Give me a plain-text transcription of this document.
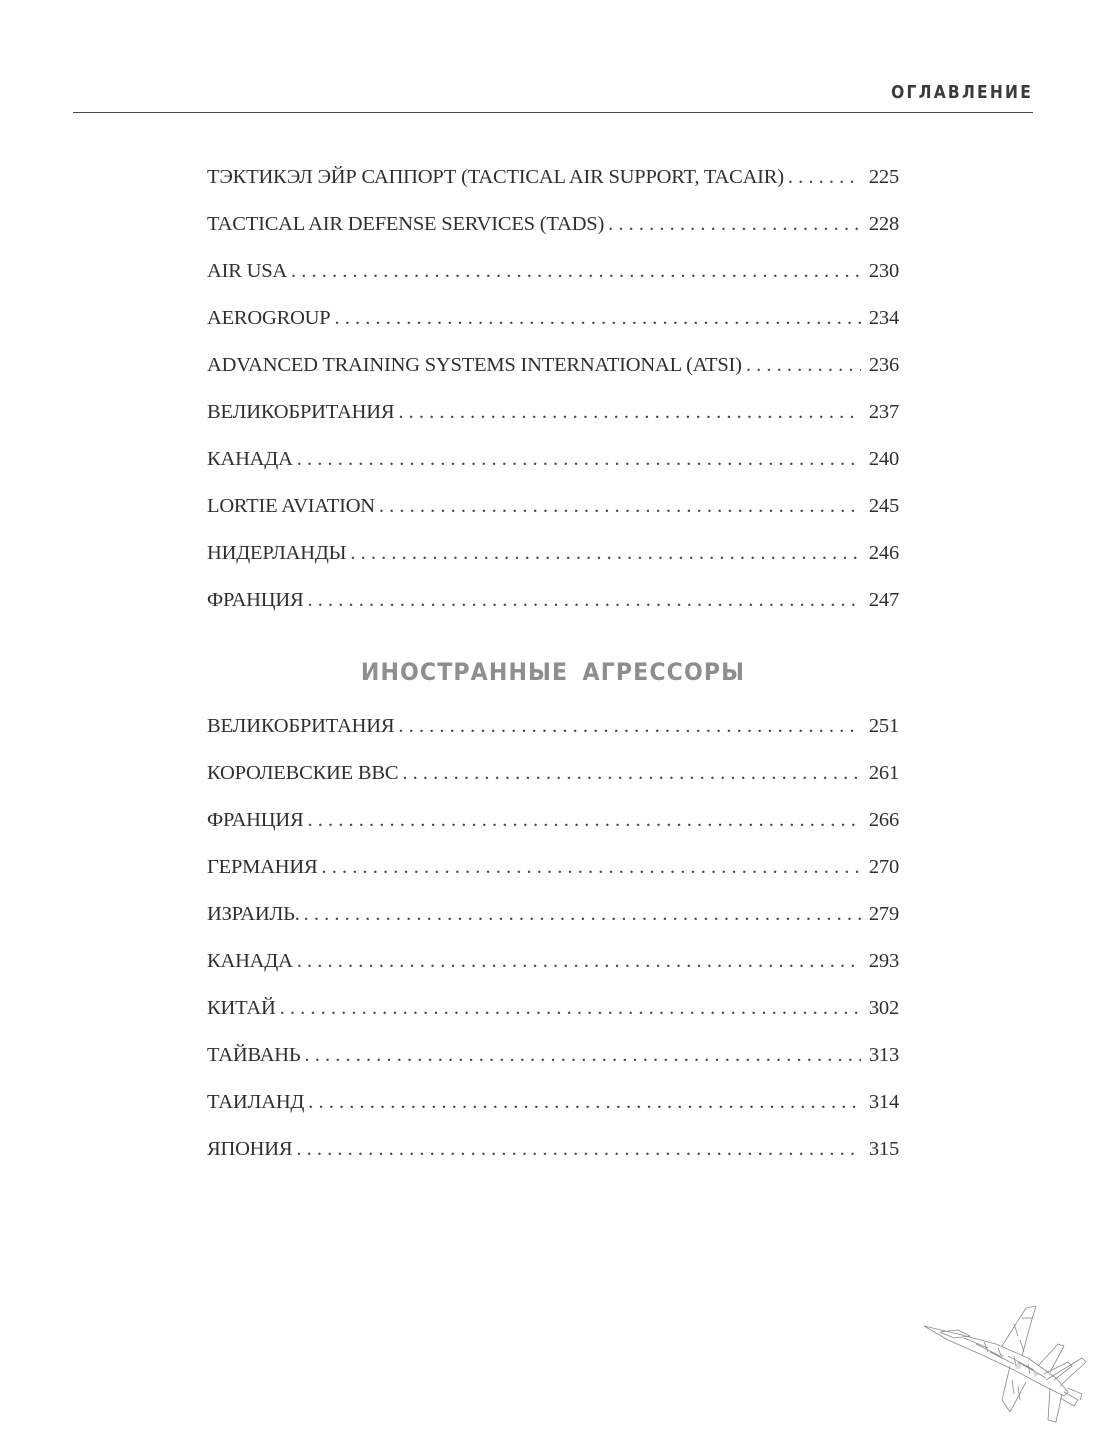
ОГЛАВЛЕНИЕ
ТЭКТИКЭЛ ЭЙР САППОРТ (TACTICAL AIR SUPPORT, TACAIR) . . .	225
TACTICAL AIR DEFENSE SERVICES (TADS) . . .	228
AIR USA . . .	230
AEROGROUP . . .	234
ADVANCED TRAINING SYSTEMS INTERNATIONAL (ATSI) . . .	236
ВЕЛИКОБРИТАНИЯ . . .	237
КАНАДА . . .	240
LORTIE AVIATION . . .	245
НИДЕРЛАНДЫ . . .	246
ФРАНЦИЯ . . .	247
ИНОСТРАННЫЕ АГРЕССОРЫ
ВЕЛИКОБРИТАНИЯ . . .	251
КОРОЛЕВСКИЕ ВВС . . .	261
ФРАНЦИЯ . . .	266
ГЕРМАНИЯ . . .	270
ИЗРАИЛЬ. . . .	279
КАНАДА . . .	293
КИТАЙ . . .	302
ТАЙВАНЬ . . .	313
ТАИЛАНД . . .	314
ЯПОНИЯ . . .	315
